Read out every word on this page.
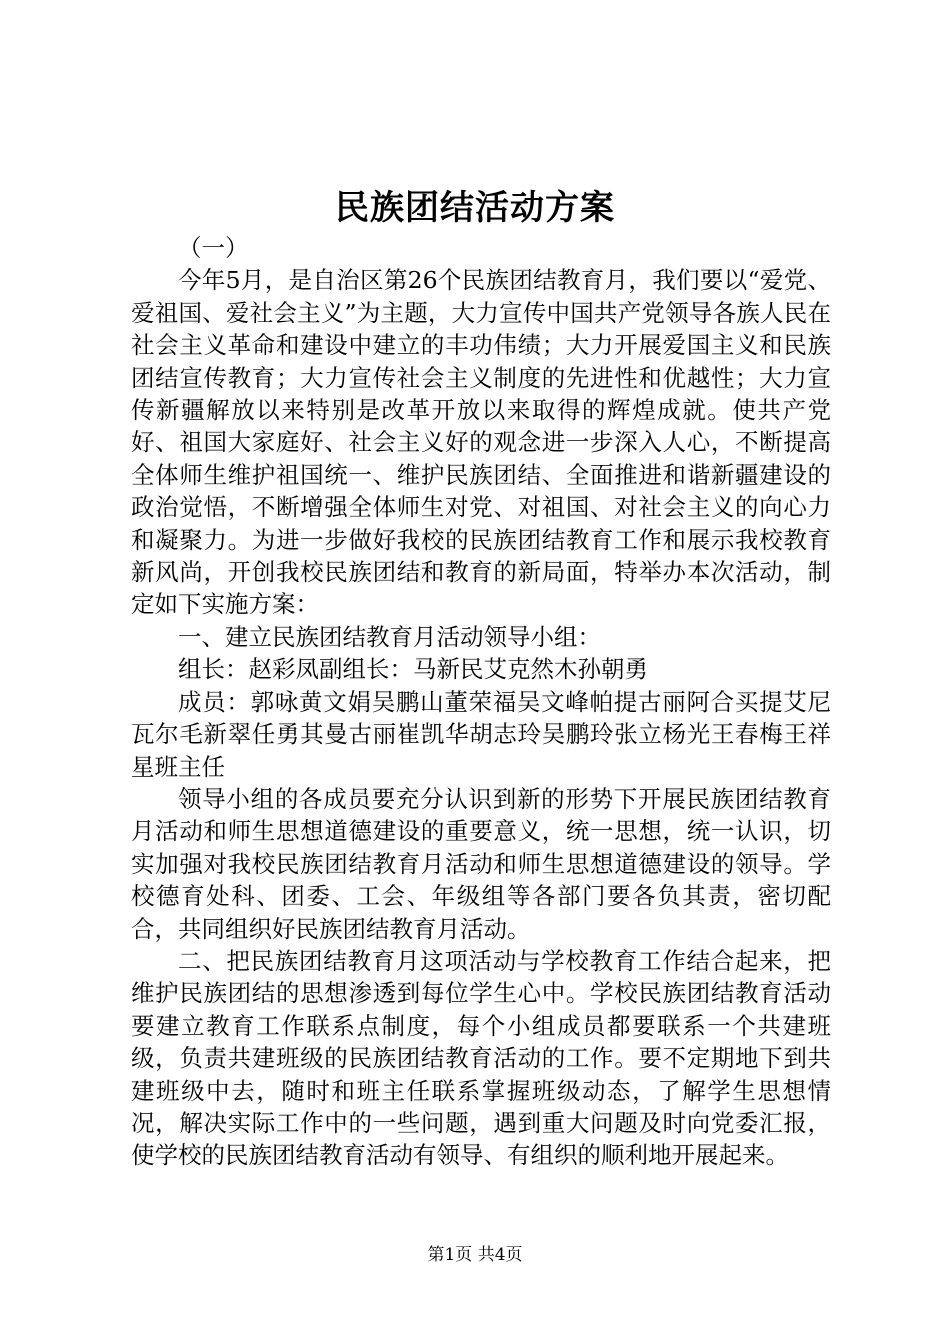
民族团结活动方案

（一）

今年5月，是自治区第26个民族团结教育月，我们要以“爱党、爱祖国、爱社会主义”为主题，大力宣传中国共产党领导各族人民在社会主义革命和建设中建立的丰功伟绩；大力开展爱国主义和民族团结宣传教育；大力宣传社会主义制度的先进性和优越性；大力宣传新疆解放以来特别是改革开放以来取得的辉煌成就。使共产党好、祖国大家庭好、社会主义好的观念进一步深入人心，不断提高全体师生维护祖国统一、维护民族团结、全面推进和谐新疆建设的政治觉悟，不断增强全体师生对党、对祖国、对社会主义的向心力和凝聚力。为进一步做好我校的民族团结教育工作和展示我校教育新风尚，开创我校民族团结和教育的新局面，特举办本次活动，制定如下实施方案：

一、建立民族团结教育月活动领导小组：

组长：赵彩凤副组长：马新民艾克然木孙朝勇

成员：郭咏黄文娟吴鹏山董荣福吴文峰帕提古丽阿合买提艾尼瓦尔毛新翠任勇其曼古丽崔凯华胡志玲吴鹏玲张立杨光王春梅王祥星班主任

领导小组的各成员要充分认识到新的形势下开展民族团结教育月活动和师生思想道德建设的重要意义，统一思想，统一认识，切实加强对我校民族团结教育月活动和师生思想道德建设的领导。学校德育处科、团委、工会、年级组等各部门要各负其责，密切配合，共同组织好民族团结教育月活动。

二、把民族团结教育月这项活动与学校教育工作结合起来，把维护民族团结的思想渗透到每位学生心中。学校民族团结教育活动要建立教育工作联系点制度，每个小组成员都要联系一个共建班级，负责共建班级的民族团结教育活动的工作。要不定期地下到共建班级中去，随时和班主任联系掌握班级动态，了解学生思想情况，解决实际工作中的一些问题，遇到重大问题及时向党委汇报，使学校的民族团结教育活动有领导、有组织的顺利地开展起来。

第1页 共4页
